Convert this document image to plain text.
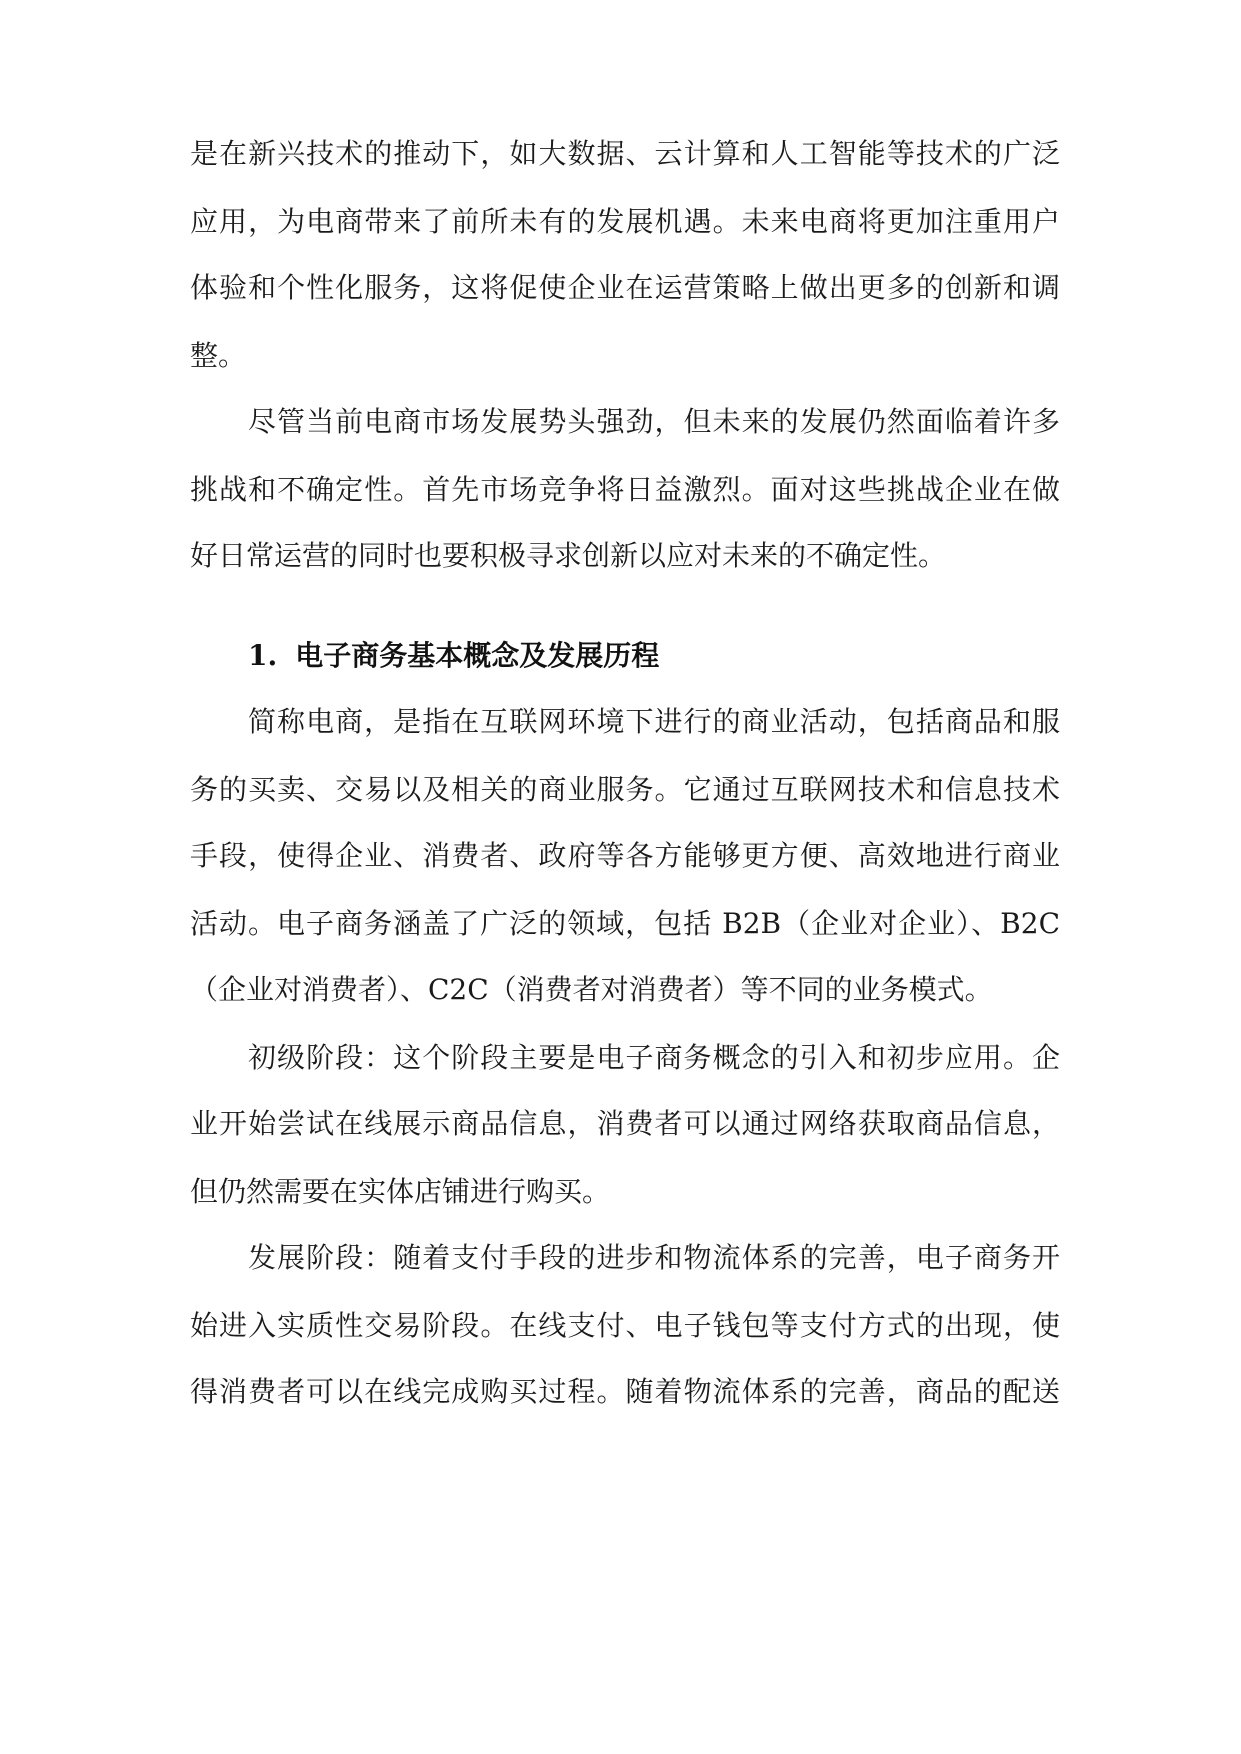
是在新兴技术的推动下，如大数据、云计算和人工智能等技术的广泛
应用，为电商带来了前所未有的发展机遇。未来电商将更加注重用户
体验和个性化服务，这将促使企业在运营策略上做出更多的创新和调
整。
尽管当前电商市场发展势头强劲，但未来的发展仍然面临着许多
挑战和不确定性。首先市场竞争将日益激烈。面对这些挑战企业在做
好日常运营的同时也要积极寻求创新以应对未来的不确定性。
1. 电子商务基本概念及发展历程
简称电商，是指在互联网环境下进行的商业活动，包括商品和服
务的买卖、交易以及相关的商业服务。它通过互联网技术和信息技术
手段，使得企业、消费者、政府等各方能够更方便、高效地进行商业
活动。电子商务涵盖了广泛的领域，包括 B2B（企业对企业）、B2C
（企业对消费者）、C2C（消费者对消费者）等不同的业务模式。
初级阶段：这个阶段主要是电子商务概念的引入和初步应用。企
业开始尝试在线展示商品信息，消费者可以通过网络获取商品信息，
但仍然需要在实体店铺进行购买。
发展阶段：随着支付手段的进步和物流体系的完善，电子商务开
始进入实质性交易阶段。在线支付、电子钱包等支付方式的出现，使
得消费者可以在线完成购买过程。随着物流体系的完善，商品的配送
